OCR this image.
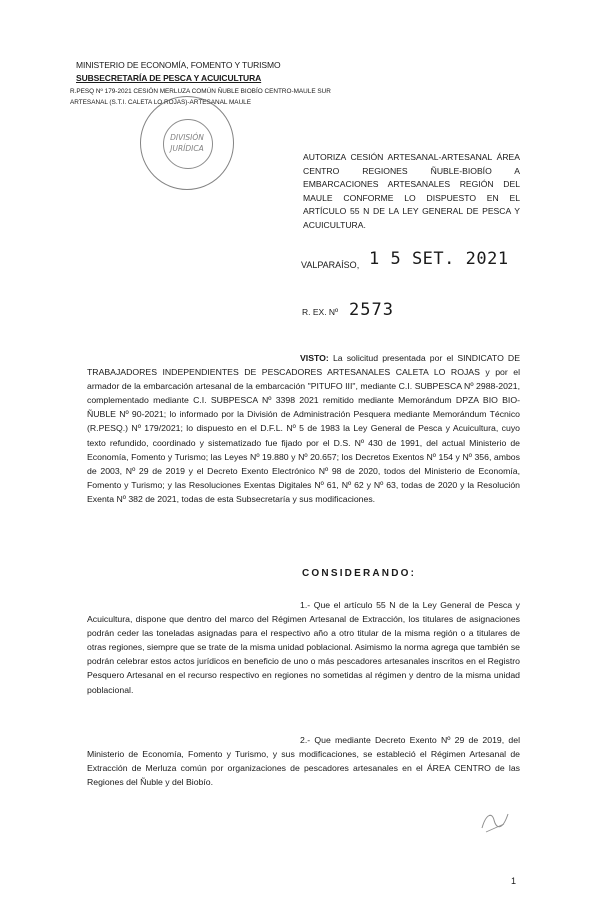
MINISTERIO DE ECONOMÍA, FOMENTO Y TURISMO
SUBSECRETARÍA DE PESCA Y ACUICULTURA
R.PESQ Nº 179-2021 CESIÓN MERLUZA COMÚN ÑUBLE BIOBÍO CENTRO-MAULE SUR
ARTESANAL (S.T.I. CALETA LO ROJAS)-ARTESANAL MAULE
DIVISIÓN
JURÍDICA
AUTORIZA CESIÓN ARTESANAL-ARTESANAL ÁREA CENTRO REGIONES ÑUBLE-BIOBÍO A EMBARCACIONES ARTESANALES REGIÓN DEL MAULE CONFORME LO DISPUESTO EN EL ARTÍCULO 55 N DE LA LEY GENERAL DE PESCA Y ACUICULTURA.
VALPARAÍSO, 1 5 SET. 2021
R. EX. Nº 2573
VISTO: La solicitud presentada por el SINDICATO DE TRABAJADORES INDEPENDIENTES DE PESCADORES ARTESANALES CALETA LO ROJAS y por el armador de la embarcación artesanal de la embarcación "PITUFO III", mediante C.I. SUBPESCA Nº 2988-2021, complementado mediante C.I. SUBPESCA Nº 3398 2021 remitido mediante Memorándum DPZA BIO BIO-ÑUBLE Nº 90-2021; lo informado por la División de Administración Pesquera mediante Memorándum Técnico (R.PESQ.) Nº 179/2021; lo dispuesto en el D.F.L. Nº 5 de 1983 la Ley General de Pesca y Acuicultura, cuyo texto refundido, coordinado y sistematizado fue fijado por el D.S. Nº 430 de 1991, del actual Ministerio de Economía, Fomento y Turismo; las Leyes Nº 19.880 y Nº 20.657; los Decretos Exentos Nº 154 y Nº 356, ambos de 2003, Nº 29 de 2019 y el Decreto Exento Electrónico Nº 98 de 2020, todos del Ministerio de Economía, Fomento y Turismo; y las Resoluciones Exentas Digitales Nº 61, Nº 62 y Nº 63, todas de 2020 y la Resolución Exenta Nº 382 de 2021, todas de esta Subsecretaría y sus modificaciones.
CONSIDERANDO:
1.- Que el artículo 55 N de la Ley General de Pesca y Acuicultura, dispone que dentro del marco del Régimen Artesanal de Extracción, los titulares de asignaciones podrán ceder las toneladas asignadas para el respectivo año a otro titular de la misma región o a titulares de otras regiones, siempre que se trate de la misma unidad poblacional. Asimismo la norma agrega que también se podrán celebrar estos actos jurídicos en beneficio de uno o más pescadores artesanales inscritos en el Registro Pesquero Artesanal en el recurso respectivo en regiones no sometidas al régimen y dentro de la misma unidad poblacional.
2.- Que mediante Decreto Exento Nº 29 de 2019, del Ministerio de Economía, Fomento y Turismo, y sus modificaciones, se estableció el Régimen Artesanal de Extracción de Merluza común por organizaciones de pescadores artesanales en el ÁREA CENTRO de las Regiones del Ñuble y del Biobío.
1
